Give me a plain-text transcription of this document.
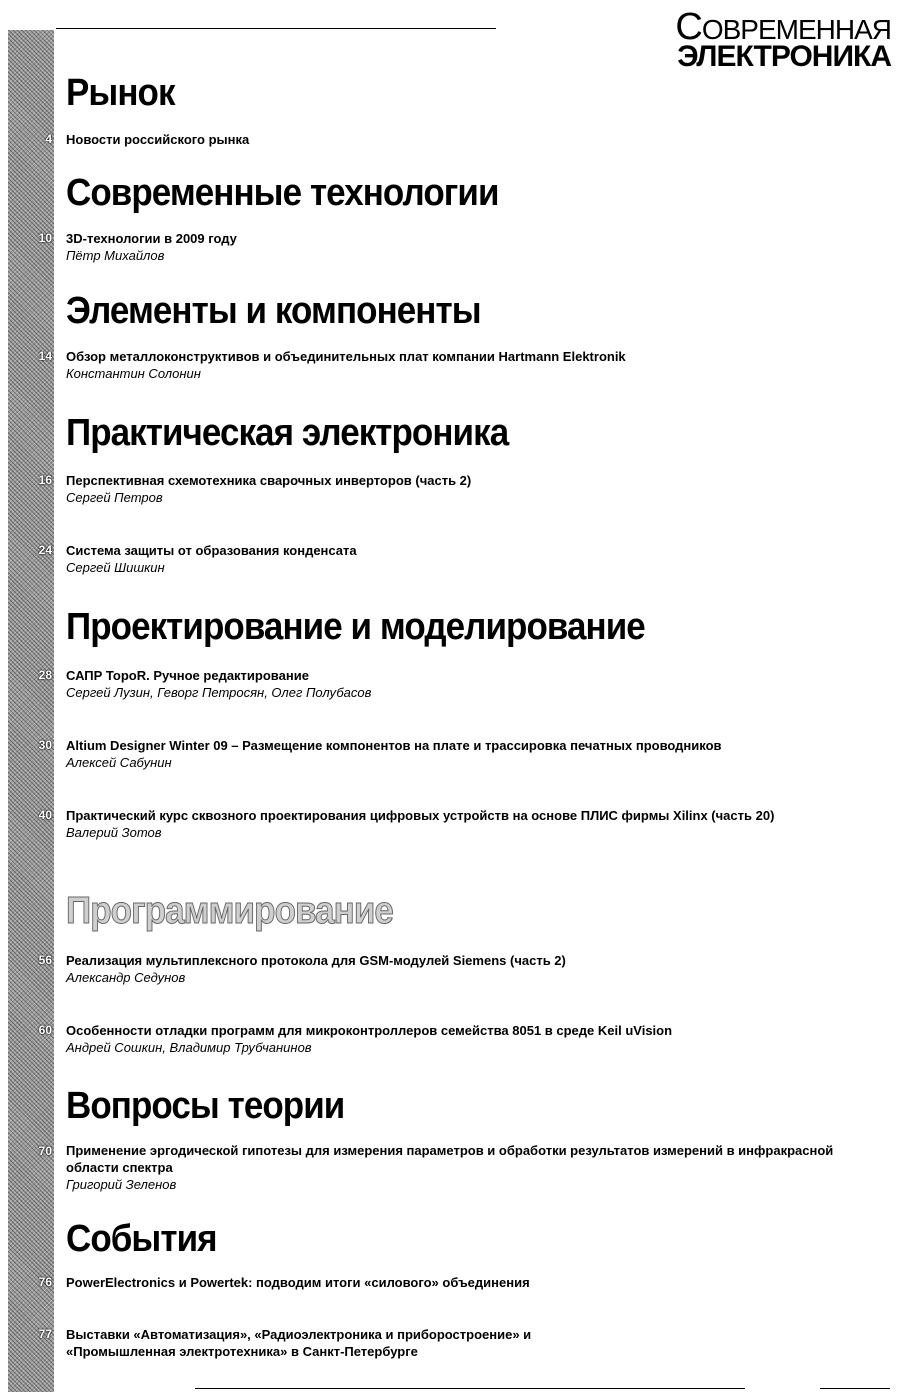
СОВРЕМЕННАЯ
ЭЛЕКТРОНИКА
Рынок
4 Новости российского рынка
Современные технологии
10 3D-технологии в 2009 году
Пётр Михайлов
Элементы и компоненты
14 Обзор металлоконструктивов и объединительных плат компании Hartmann Elektronik
Константин Солонин
Практическая электроника
16 Перспективная схемотехника сварочных инверторов (часть 2)
Сергей Петров
24 Система защиты от образования конденсата
Сергей Шишкин
Проектирование и моделирование
28 САПР TopoR. Ручное редактирование
Сергей Лузин, Геворг Петросян, Олег Полубасов
30 Altium Designer Winter 09 – Размещение компонентов на плате и трассировка печатных проводников
Алексей Сабунин
40 Практический курс сквозного проектирования цифровых устройств на основе ПЛИС фирмы Xilinx (часть 20)
Валерий Зотов
Программирование
56 Реализация мультиплексного протокола для GSM-модулей Siemens (часть 2)
Александр Седунов
60 Особенности отладки программ для микроконтроллеров семейства 8051 в среде Keil uVision
Андрей Сошкин, Владимир Трубчанинов
Вопросы теории
70 Применение эргодической гипотезы для измерения параметров и обработки результатов измерений в инфракрасной области спектра
Григорий Зеленов
События
76 PowerElectronics и Powertek: подводим итоги «силового» объединения
77 Выставки «Автоматизация», «Радиоэлектроника и приборостроение» и «Промышленная электротехника» в Санкт-Петербурге
